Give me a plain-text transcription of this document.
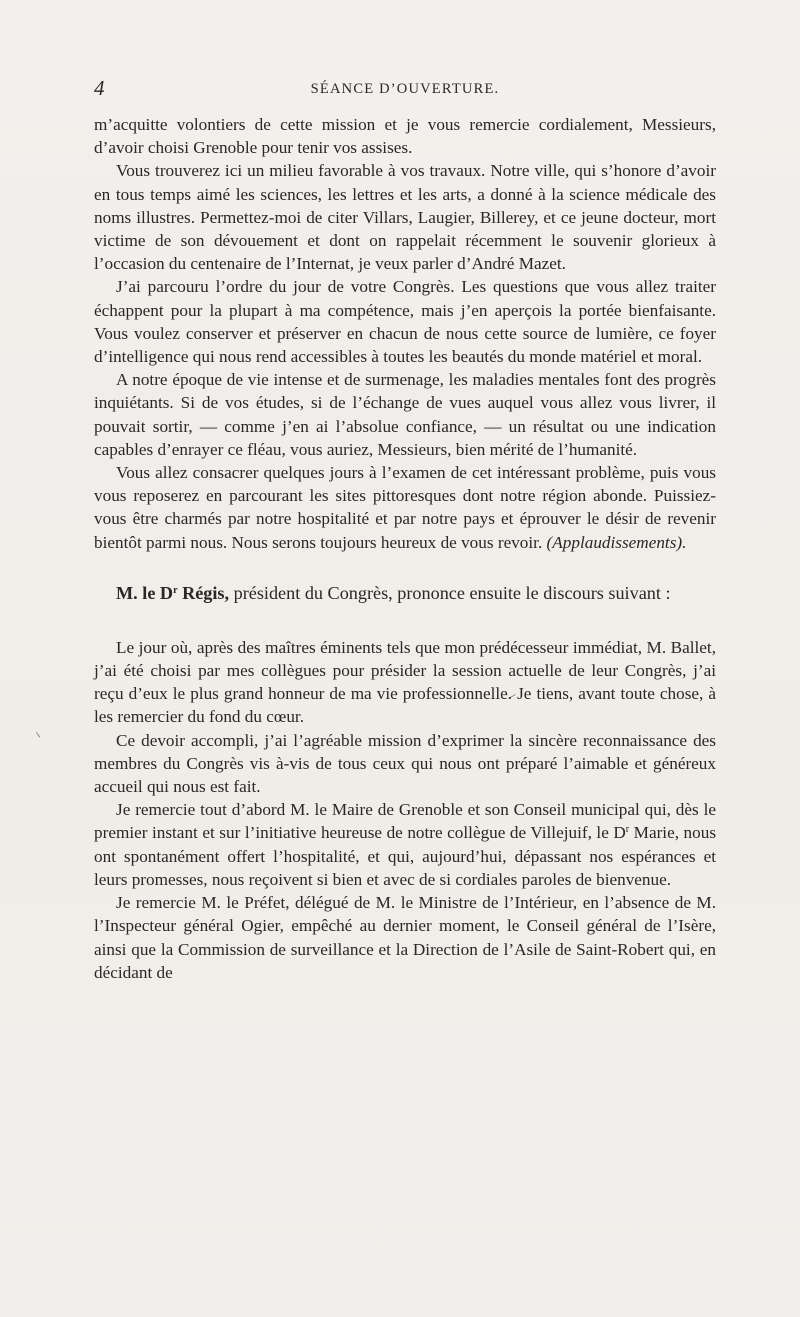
4	SÉANCE D’OUVERTURE.

m’acquitte volontiers de cette mission et je vous remercie cordialement, Messieurs, d’avoir choisi Grenoble pour tenir vos assises.

Vous trouverez ici un milieu favorable à vos travaux. Notre ville, qui s’honore d’avoir en tous temps aimé les sciences, les lettres et les arts, a donné à la science médicale des noms illustres. Permettez-moi de citer Villars, Laugier, Billerey, et ce jeune docteur, mort victime de son dévouement et dont on rappelait récemment le souvenir glorieux à l’occasion du centenaire de l’Internat, je veux parler d’André Mazet.

J’ai parcouru l’ordre du jour de votre Congrès. Les questions que vous allez traiter échappent pour la plupart à ma compétence, mais j’en aperçois la portée bienfaisante. Vous voulez conserver et préserver en chacun de nous cette source de lumière, ce foyer d’intelligence qui nous rend accessibles à toutes les beautés du monde matériel et moral.

A notre époque de vie intense et de surmenage, les maladies mentales font des progrès inquiétants. Si de vos études, si de l’échange de vues auquel vous allez vous livrer, il pouvait sortir, — comme j’en ai l’absolue confiance, — un résultat ou une indication capables d’enrayer ce fléau, vous auriez, Messieurs, bien mérité de l’humanité.

Vous allez consacrer quelques jours à l’examen de cet intéressant problème, puis vous vous reposerez en parcourant les sites pittoresques dont notre région abonde. Puissiez-vous être charmés par notre hospitalité et par notre pays et éprouver le désir de revenir bientôt parmi nous. Nous serons toujours heureux de vous revoir. (Applaudissements).

M. le $D^r$ Régis, président du Congrès, prononce ensuite le discours suivant :

Le jour où, après des maîtres éminents tels que mon prédécesseur immédiat, M. Ballet, j’ai été choisi par mes collègues pour présider la session actuelle de leur Congrès, j’ai reçu d’eux le plus grand honneur de ma vie professionnelle. Je tiens, avant toute chose, à les remercier du fond du cœur.

Ce devoir accompli, j’ai l’agréable mission d’exprimer la sincère reconnaissance des membres du Congrès vis à-vis de tous ceux qui nous ont préparé l’aimable et généreux accueil qui nous est fait.

Je remercie tout d’abord M. le Maire de Grenoble et son Conseil municipal qui, dès le premier instant et sur l’initiative heureuse de notre collègue de Villejuif, le $D^r$ Marie, nous ont spontanément offert l’hospitalité, et qui, aujourd’hui, dépassant nos espérances et leurs promesses, nous reçoivent si bien et avec de si cordiales paroles de bienvenue.

Je remercie M. le Préfet, délégué de M. le Ministre de l’Intérieur, en l’absence de M. l’Inspecteur général Ogier, empêché au dernier moment, le Conseil général de l’Isère, ainsi que la Commission de surveillance et la Direction de l’Asile de Saint-Robert qui, en décidant de
